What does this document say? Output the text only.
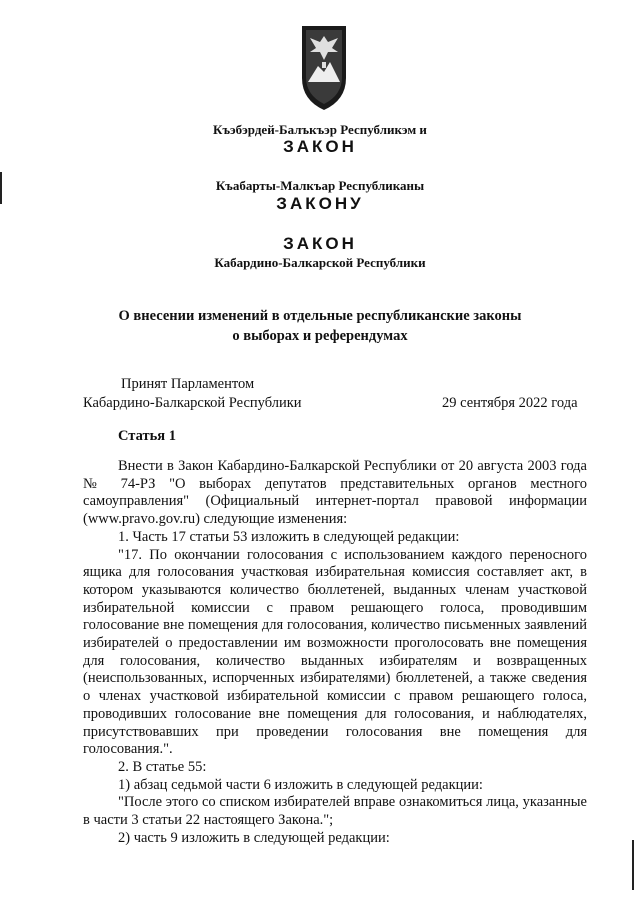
Къэбэрдей-Балъкъэр Республикэм и
ЗАКОН
Къабарты-Малкъар Республиканы
ЗАКОНУ
ЗАКОН
Кабардино-Балкарской Республики
О внесении изменений в отдельные республиканские законы
о выборах и референдумах
Принят Парламентом
Кабардино-Балкарской Республики	29 сентября 2022 года
Статья 1

Внести в Закон Кабардино-Балкарской Республики от 20 августа 2003 года № 74-РЗ "О выборах депутатов представительных органов местного самоуправления" (Официальный интернет-портал правовой информации (www.pravo.gov.ru) следующие изменения:

1. Часть 17 статьи 53 изложить в следующей редакции:

"17. По окончании голосования с использованием каждого переносного ящика для голосования участковая избирательная комиссия составляет акт, в котором указываются количество бюллетеней, выданных членам участковой избирательной комиссии с правом решающего голоса, проводившим голосование вне помещения для голосования, количество письменных заявлений избирателей о предоставлении им возможности проголосовать вне помещения для голосования, количество выданных избирателям и возвращенных (неиспользованных, испорченных избирателями) бюллетеней, а также сведения о членах участковой избирательной комиссии с правом решающего голоса, проводивших голосование вне помещения для голосования, и наблюдателях, присутствовавших при проведении голосования вне помещения для голосования.".

2. В статье 55:

1) абзац седьмой части 6 изложить в следующей редакции:

"После этого со списком избирателей вправе ознакомиться лица, указанные в части 3 статьи 22 настоящего Закона.";

2) часть 9 изложить в следующей редакции:
